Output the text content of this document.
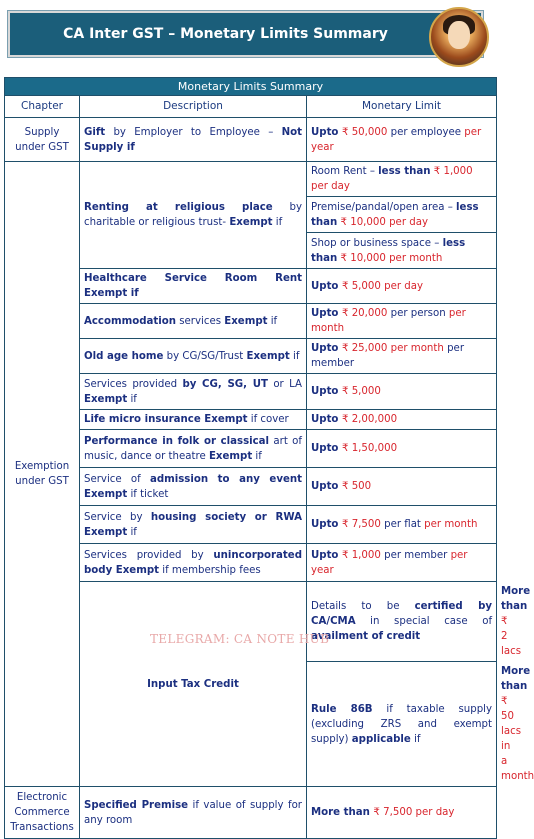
CA Inter GST – Monetary Limits Summary
Monetary Limits Summary			
Chapter	Description	Monetary Limit	
Supply under GST	Gift by Employer to Employee – Not Supply if	Upto ₹ 50,000 per employee per year	
Exemption under GST	Renting at religious place by charitable or religious trust- Exempt if	Room Rent – less than ₹ 1,000 per day	
		Premise/pandal/open area – less than ₹ 10,000 per day	
		Shop or business space – less than ₹ 10,000 per month	
	Healthcare Service Room Rent Exempt if	Upto ₹ 5,000 per day	
	Accommodation services Exempt if	Upto ₹ 20,000 per person per month	
	Old age home by CG/SG/Trust Exempt if	Upto ₹ 25,000 per month per member	
	Services provided by CG, SG, UT or LA Exempt if	Upto ₹ 5,000	
	Life micro insurance Exempt if cover	Upto ₹ 2,00,000	
	Performance in folk or classical art of music, dance or theatre Exempt if	Upto ₹ 1,50,000	
	Service of admission to any event Exempt if ticket	Upto ₹ 500	
	Service by housing society or RWA Exempt if	Upto ₹ 7,500 per flat per month	
	Services provided by unincorporated body Exempt if membership fees	Upto ₹ 1,000 per member per year	
	Input Tax Credit	Details to be certified by CA/CMA in special case of availment of credit	More than ₹ 2 lacs
		Rule 86B if taxable supply (excluding ZRS and exempt supply) applicable if	More than ₹ 50 lacs in a month
Electronic Commerce Transactions	Specified Premise if value of supply for any room	More than ₹ 7,500 per day	
TELEGRAM: CA NOTE HUB
